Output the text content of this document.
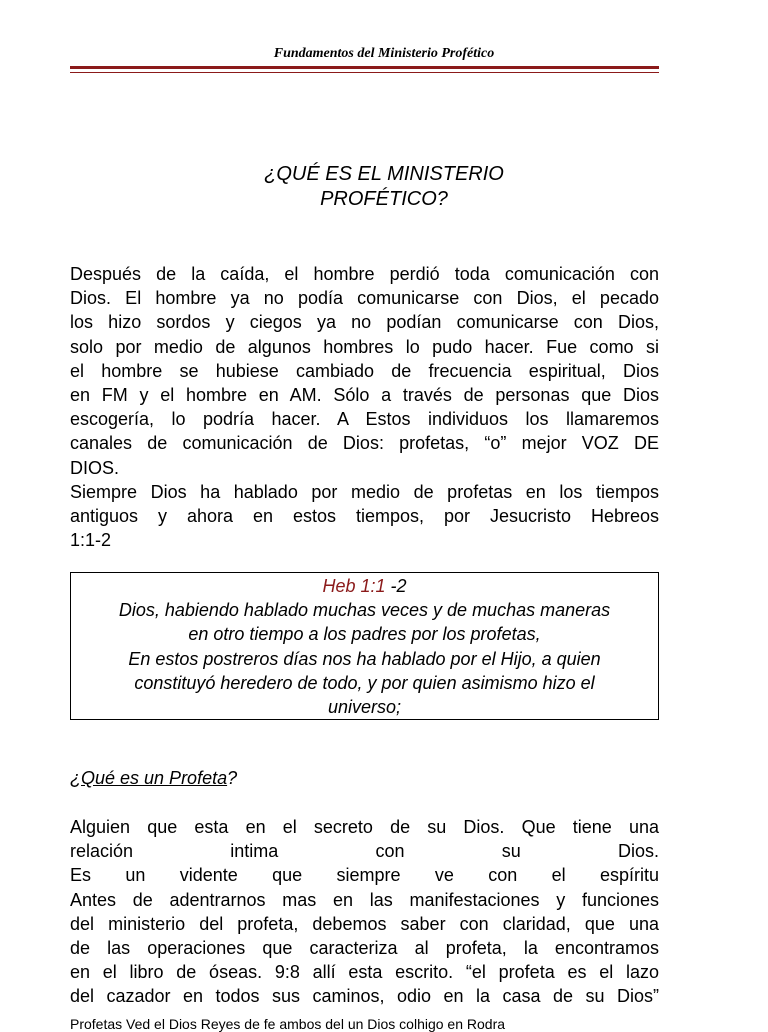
Fundamentos del Ministerio Profético
¿QUÉ ES EL MINISTERIO
PROFÉTICO?
Después de la caída, el hombre perdió toda comunicación con
Dios. El hombre ya no podía comunicarse con Dios, el pecado
los hizo sordos y ciegos ya no podían comunicarse con Dios,
solo por medio de algunos hombres lo pudo hacer. Fue como si
el hombre se hubiese cambiado de frecuencia espiritual, Dios
en FM y el hombre en AM. Sólo a través de personas que Dios
escogería, lo podría hacer. A Estos individuos los llamaremos
canales de comunicación de Dios: profetas, “o” mejor VOZ DE
DIOS.
Siempre Dios ha hablado por medio de profetas en los tiempos
antiguos y ahora en estos tiempos, por Jesucristo Hebreos
1:1-2
Heb 1:1 -2
Dios, habiendo hablado muchas veces y de muchas maneras
en otro tiempo a los padres por los profetas,
En estos postreros días nos ha hablado por el Hijo, a quien
constituyó heredero de todo, y por quien asimismo hizo el
universo;
¿Qué es un Profeta?
Alguien que esta en el secreto de su Dios. Que tiene una
relación intima con su Dios.
Es un vidente que siempre ve con el espíritu
Antes de adentrarnos mas en las manifestaciones y funciones
del ministerio del profeta, debemos saber con claridad, que una
de las operaciones que caracteriza al profeta, la encontramos
en el libro de óseas. 9:8 allí esta escrito. “el profeta es el lazo
del cazador en todos sus caminos, odio en la casa de su Dios”
Profetas Ved el Dios Reyes de fe ambos del un Dios colhigo en Rodra
